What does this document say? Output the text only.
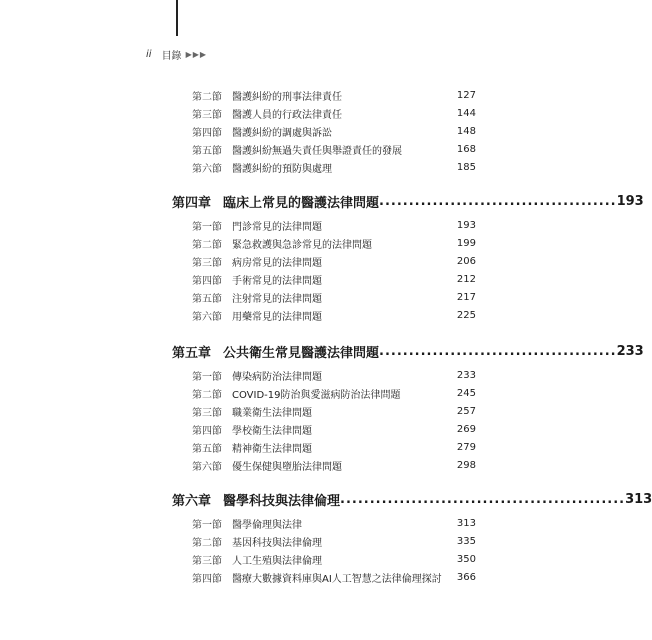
ii 目錄 ▶▶▶
第二節	醫護糾紛的刑事法律責任	127
第三節	醫護人員的行政法律責任	144
第四節	醫護糾紛的調處與訴訟	148
第五節	醫護糾紛無過失責任與舉證責任的發展	168
第六節	醫護糾紛的預防與處理	185
第四章 臨床上常見的醫護法律問題 ........................................ 193
第一節	門診常見的法律問題	193
第二節	緊急救護與急診常見的法律問題	199
第三節	病房常見的法律問題	206
第四節	手術常見的法律問題	212
第五節	注射常見的法律問題	217
第六節	用藥常見的法律問題	225
第五章 公共衛生常見醫護法律問題 ........................................ 233
第一節	傳染病防治法律問題	233
第二節	COVID-19防治與愛滋病防治法律問題	245
第三節	職業衛生法律問題	257
第四節	學校衛生法律問題	269
第五節	精神衛生法律問題	279
第六節	優生保健與墮胎法律問題	298
第六章 醫學科技與法律倫理 ................................................ 313
第一節	醫學倫理與法律	313
第二節	基因科技與法律倫理	335
第三節	人工生殖與法律倫理	350
第四節	醫療大數據資料庫與AI人工智慧之法律倫理探討	366
